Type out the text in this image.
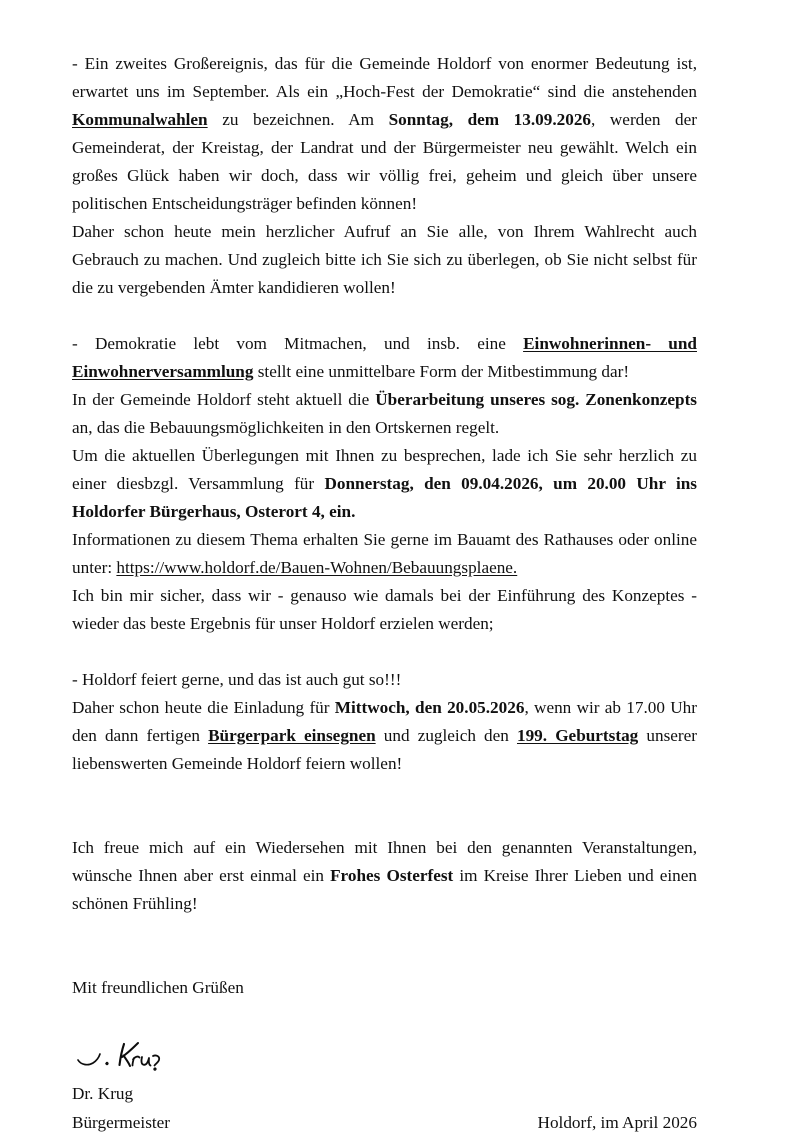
- Ein zweites Großereignis, das für die Gemeinde Holdorf von enormer Bedeutung ist, erwartet uns im September. Als ein „Hoch-Fest der Demokratie“ sind die anstehenden Kommunalwahlen zu bezeichnen. Am Sonntag, dem 13.09.2026, werden der Gemeinderat, der Kreistag, der Landrat und der Bürgermeister neu gewählt. Welch ein großes Glück haben wir doch, dass wir völlig frei, geheim und gleich über unsere politischen Entscheidungsträger befinden können!

Daher schon heute mein herzlicher Aufruf an Sie alle, von Ihrem Wahlrecht auch Gebrauch zu machen. Und zugleich bitte ich Sie sich zu überlegen, ob Sie nicht selbst für die zu vergebenden Ämter kandidieren wollen!

- Demokratie lebt vom Mitmachen, und insb. eine Einwohnerinnen- und Einwohnerversammlung stellt eine unmittelbare Form der Mitbestimmung dar!

In der Gemeinde Holdorf steht aktuell die Überarbeitung unseres sog. Zonenkonzepts an, das die Bebauungsmöglichkeiten in den Ortskernen regelt.

Um die aktuellen Überlegungen mit Ihnen zu besprechen, lade ich Sie sehr herzlich zu einer diesbzgl. Versammlung für Donnerstag, den 09.04.2026, um 20.00 Uhr ins Holdorfer Bürgerhaus, Osterort 4, ein.

Informationen zu diesem Thema erhalten Sie gerne im Bauamt des Rathauses oder online unter: https://www.holdorf.de/Bauen-Wohnen/Bebauungsplaene.

Ich bin mir sicher, dass wir - genauso wie damals bei der Einführung des Konzeptes - wieder das beste Ergebnis für unser Holdorf erzielen werden;

- Holdorf feiert gerne, und das ist auch gut so!!!

Daher schon heute die Einladung für Mittwoch, den 20.05.2026, wenn wir ab 17.00 Uhr den dann fertigen Bürgerpark einsegnen und zugleich den 199. Geburtstag unserer liebenswerten Gemeinde Holdorf feiern wollen!

Ich freue mich auf ein Wiedersehen mit Ihnen bei den genannten Veranstaltungen, wünsche Ihnen aber erst einmal ein Frohes Osterfest im Kreise Ihrer Lieben und einen schönen Frühling!

Mit freundlichen Grüßen

Dr. Krug
Bürgermeister	Holdorf, im April 2026
